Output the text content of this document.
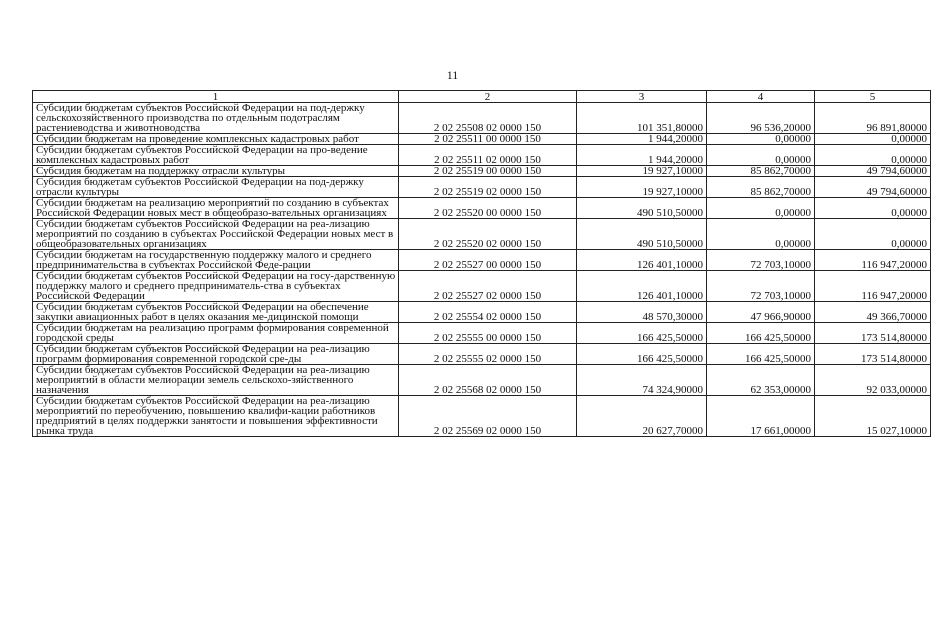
11
1	2	3	4	5
Субсидии бюджетам субъектов Российской Федерации на под-держку сельскохозяйственного производства по отдельным подотраслям растениеводства и животноводства	2 02 25508 02 0000 150	101 351,80000	96 536,20000	96 891,80000
Субсидии бюджетам на проведение комплексных кадастровых работ	2 02 25511 00 0000 150	1 944,20000	0,00000	0,00000
Субсидии бюджетам субъектов Российской Федерации на про-ведение комплексных кадастровых работ	2 02 25511 02 0000 150	1 944,20000	0,00000	0,00000
Субсидия бюджетам на поддержку отрасли культуры	2 02 25519 00 0000 150	19 927,10000	85 862,70000	49 794,60000
Субсидия бюджетам субъектов Российской Федерации на под-держку отрасли культуры	2 02 25519 02 0000 150	19 927,10000	85 862,70000	49 794,60000
Субсидии бюджетам на реализацию мероприятий по созданию в субъектах Российской Федерации новых мест в общеобразо-вательных организациях	2 02 25520 00 0000 150	490 510,50000	0,00000	0,00000
Субсидии бюджетам субъектов Российской Федерации на реа-лизацию мероприятий по созданию в субъектах Российской Федерации новых мест в общеобразовательных организациях	2 02 25520 02 0000 150	490 510,50000	0,00000	0,00000
Субсидии бюджетам на государственную поддержку малого и среднего предпринимательства в субъектах Российской Феде-рации	2 02 25527 00 0000 150	126 401,10000	72 703,10000	116 947,20000
Субсидии бюджетам субъектов Российской Федерации на госу-дарственную поддержку малого и среднего предприниматель-ства в субъектах Российской Федерации	2 02 25527 02 0000 150	126 401,10000	72 703,10000	116 947,20000
Субсидии бюджетам субъектов Российской Федерации на обеспечение закупки авиационных работ в целях оказания ме-дицинской помощи	2 02 25554 02 0000 150	48 570,30000	47 966,90000	49 366,70000
Субсидии бюджетам на реализацию программ формирования современной городской среды	2 02 25555 00 0000 150	166 425,50000	166 425,50000	173 514,80000
Субсидии бюджетам субъектов Российской Федерации на реа-лизацию программ формирования современной городской сре-ды	2 02 25555 02 0000 150	166 425,50000	166 425,50000	173 514,80000
Субсидии бюджетам субъектов Российской Федерации на реа-лизацию мероприятий в области мелиорации земель сельскохо-зяйственного назначения	2 02 25568 02 0000 150	74 324,90000	62 353,00000	92 033,00000
Субсидии бюджетам субъектов Российской Федерации на реа-лизацию мероприятий по переобучению, повышению квалифи-кации работников предприятий в целях поддержки занятости и повышения эффективности рынка труда	2 02 25569 02 0000 150	20 627,70000	17 661,00000	15 027,10000
